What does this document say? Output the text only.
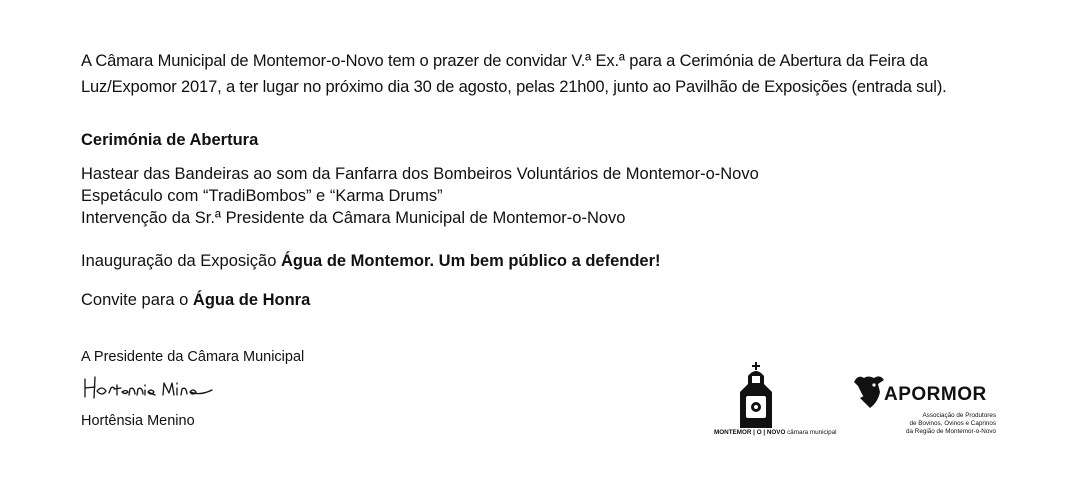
A Câmara Municipal de Montemor-o-Novo tem o prazer de convidar V.ª Ex.ª para a Cerimónia de Abertura da Feira da

Luz/Expomor 2017, a ter lugar no próximo dia 30 de agosto, pelas 21h00, junto ao Pavilhão de Exposições (entrada sul).

Cerimónia de Abertura
Hastear das Bandeiras ao som da Fanfarra dos Bombeiros Voluntários de Montemor-o-Novo
Espetáculo com “TradiBombos” e “Karma Drums”
Intervenção da Sr.ª Presidente da Câmara Municipal de Montemor-o-Novo
Inauguração da Exposição Água de Montemor. Um bem público a defender!
Convite para o Água de Honra
A Presidente da Câmara Municipal
Hortênsia Menino
MONTEMOR | O | NOVO câmara municipal
APORMOR
Associação de Produtores
de Bovinos, Ovinos e Caprinos
da Região de Montemor-o-Novo
